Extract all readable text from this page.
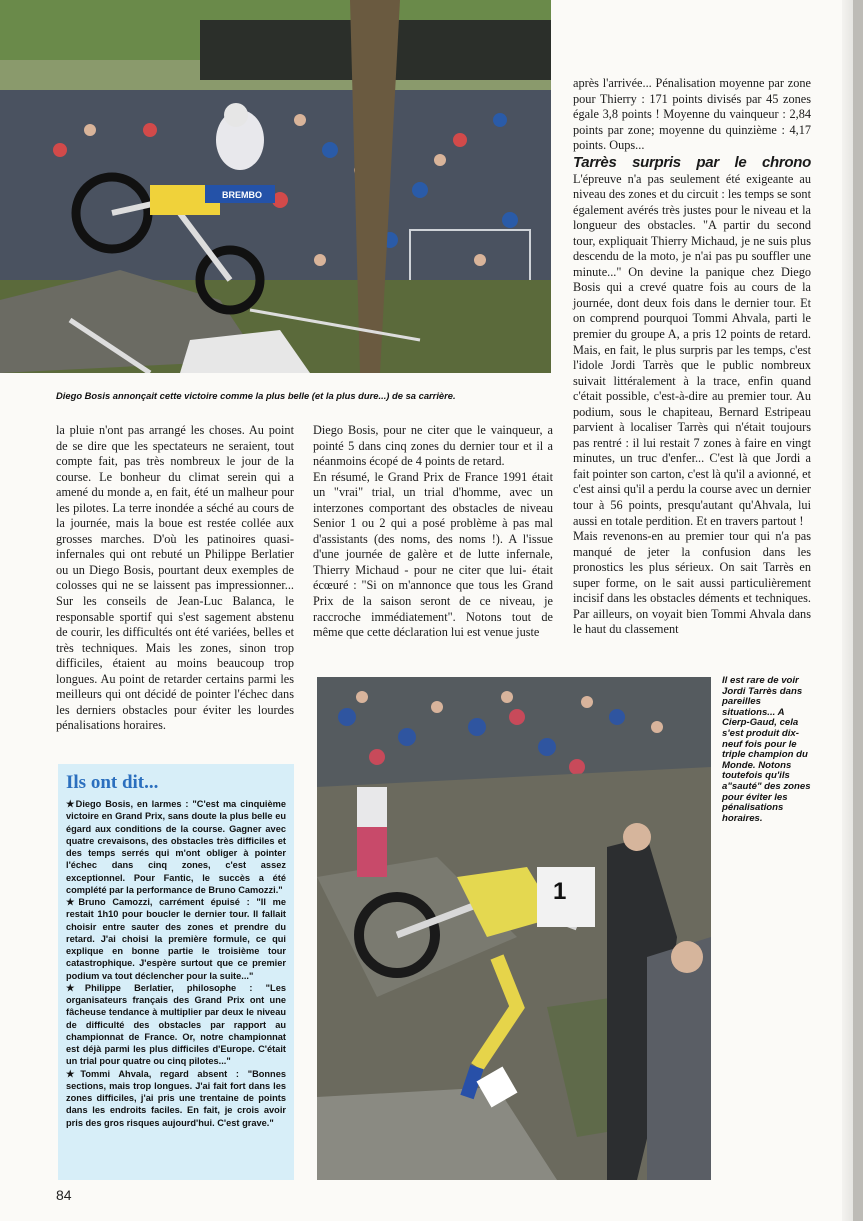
BREMBO
Diego Bosis annonçait cette victoire comme la plus belle (et la plus dure...) de sa carrière.

après l'arrivée... Pénalisation moyenne par zone pour Thierry : 171 points divisés par 45 zones égale 3,8 points ! Moyenne du vainqueur : 2,84 points par zone; moyenne du quinzième : 4,17 points. Oups...

Tarrès surpris par le chrono L'épreuve n'a pas seulement été exigeante au niveau des zones et du circuit : les temps se sont également avérés très justes pour le niveau et la longueur des obstacles. "A partir du second tour, expliquait Thierry Michaud, je ne suis plus descendu de la moto, je n'ai pas pu souffler une minute..." On devine la panique chez Diego Bosis qui a crevé quatre fois au cours de la journée, dont deux fois dans le dernier tour. Et on comprend pourquoi Tommi Ahvala, parti le premier du groupe A, a pris 12 points de retard. Mais, en fait, le plus surpris par les temps, c'est l'idole Jordi Tarrès que le public nombreux suivait littéralement à la trace, enfin quand c'était possible, c'est-à-dire au premier tour. Au podium, sous le chapiteau, Bernard Estripeau parvient à localiser Tarrès qui n'était toujours pas rentré : il lui restait 7 zones à faire en vingt minutes, un truc d'enfer... C'est là que Jordi a fait pointer son carton, c'est là qu'il a avionné, et c'est ainsi qu'il a perdu la course avec un dernier tour à 56 points, presqu'autant qu'Ahvala, lui aussi en totale perdition. Et en travers partout !

Mais revenons-en au premier tour qui n'a pas manqué de jeter la confusion dans les pronostics les plus sérieux. On sait Tarrès en super forme, on le sait aussi particulièrement incisif dans les obstacles déments et techniques. Par ailleurs, on voyait bien Tommi Ahvala dans le haut du classement

la pluie n'ont pas arrangé les choses. Au point de se dire que les spectateurs ne seraient, tout compte fait, pas très nombreux le jour de la course. Le bonheur du climat serein qui a amené du monde a, en fait, été un malheur pour les pilotes. La terre inondée a séché au cours de la journée, mais la boue est restée collée aux grosses marches. D'où les patinoires quasi-infernales qui ont rebuté un Philippe Berlatier ou un Diego Bosis, pourtant deux exemples de colosses qui ne se laissent pas impressionner... Sur les conseils de Jean-Luc Balanca, le responsable sportif qui s'est sagement abstenu de courir, les difficultés ont été variées, belles et très techniques. Mais les zones, sinon trop difficiles, étaient au moins beaucoup trop longues. Au point de retarder certains parmi les meilleurs qui ont décidé de pointer l'échec dans les derniers obstacles pour éviter les lourdes pénalisations horaires.

Diego Bosis, pour ne citer que le vainqueur, a pointé 5 dans cinq zones du dernier tour et il a néanmoins écopé de 4 points de retard.

En résumé, le Grand Prix de France 1991 était un "vrai" trial, un trial d'homme, avec un interzones comportant des obstacles de niveau Senior 1 ou 2 qui a posé problème à pas mal d'assistants (des noms, des noms !). A l'issue d'une journée de galère et de lutte infernale, Thierry Michaud - pour ne citer que lui- était écœuré : "Si on m'annonce que tous les Grand Prix de la saison seront de ce niveau, je raccroche immédiatement". Notons tout de même que cette déclaration lui est venue juste

Ils ont dit...

★Diego Bosis, en larmes : "C'est ma cinquième victoire en Grand Prix, sans doute la plus belle eu égard aux conditions de la course. Gagner avec quatre crevaisons, des obstacles très difficiles et des temps serrés qui m'ont obliger à pointer l'échec dans cinq zones, c'est assez exceptionnel. Pour Fantic, le succès a été complété par la performance de Bruno Camozzi."

★Bruno Camozzi, carrément épuisé : "Il me restait 1h10 pour boucler le dernier tour. Il fallait choisir entre sauter des zones et prendre du retard. J'ai choisi la première formule, ce qui explique en bonne partie le troisième tour catastrophique. J'espère surtout que ce premier podium va tout déclencher pour la suite..."

★Philippe Berlatier, philosophe : "Les organisateurs français des Grand Prix ont une fâcheuse tendance à multiplier par deux le niveau de difficulté des obstacles par rapport au championnat de France. Or, notre championnat est déjà parmi les plus difficiles d'Europe. C'était un trial pour quatre ou cinq pilotes..."

★Tommi Ahvala, regard absent : "Bonnes sections, mais trop longues. J'ai fait fort dans les zones difficiles, j'ai pris une trentaine de points dans les endroits faciles. En fait, je crois avoir pris des gros risques aujourd'hui. C'est grave."

1
Il est rare de voir Jordi Tarrès dans pareilles situations... A Cierp-Gaud, cela s'est produit dix-neuf fois pour le triple champion du Monde. Notons toutefois qu'ils a"sauté" des zones pour éviter les pénalisations horaires.
84
